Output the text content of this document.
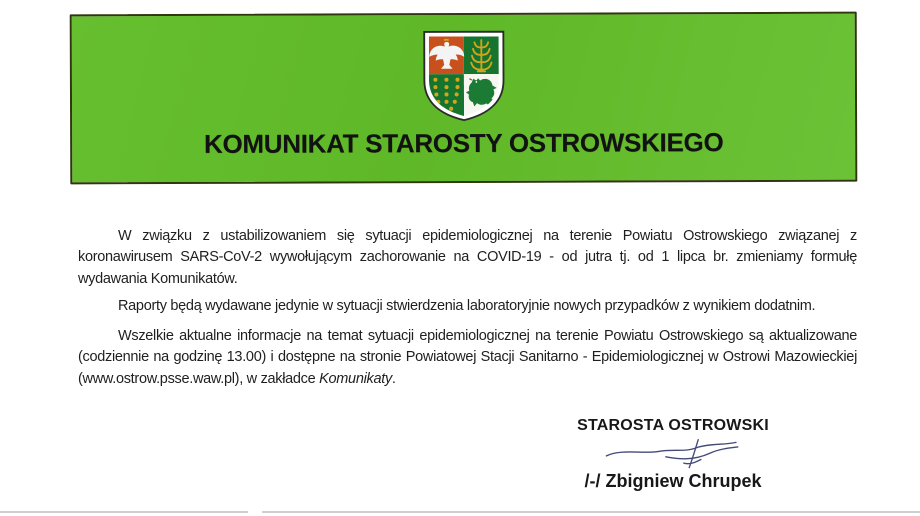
KOMUNIKAT STAROSTY OSTROWSKIEGO

W związku z ustabilizowaniem się sytuacji epidemiologicznej na terenie Powiatu Ostrowskiego związanej z koronawirusem SARS-CoV-2 wywołującym zachorowanie na COVID-19 - od jutra tj. od 1 lipca br. zmieniamy formułę wydawania Komunikatów.

Raporty będą wydawane jedynie w sytuacji stwierdzenia laboratoryjnie nowych przypadków z wynikiem dodatnim.

Wszelkie aktualne informacje na temat sytuacji epidemiologicznej na terenie Powiatu Ostrowskiego są aktualizowane (codziennie na godzinę 13.00) i dostępne na stronie Powiatowej Stacji Sanitarno - Epidemiologicznej w Ostrowi Mazowieckiej (www.ostrow.psse.waw.pl), w zakładce Komunikaty.

STAROSTA OSTROWSKI
/-/ Zbigniew Chrupek
